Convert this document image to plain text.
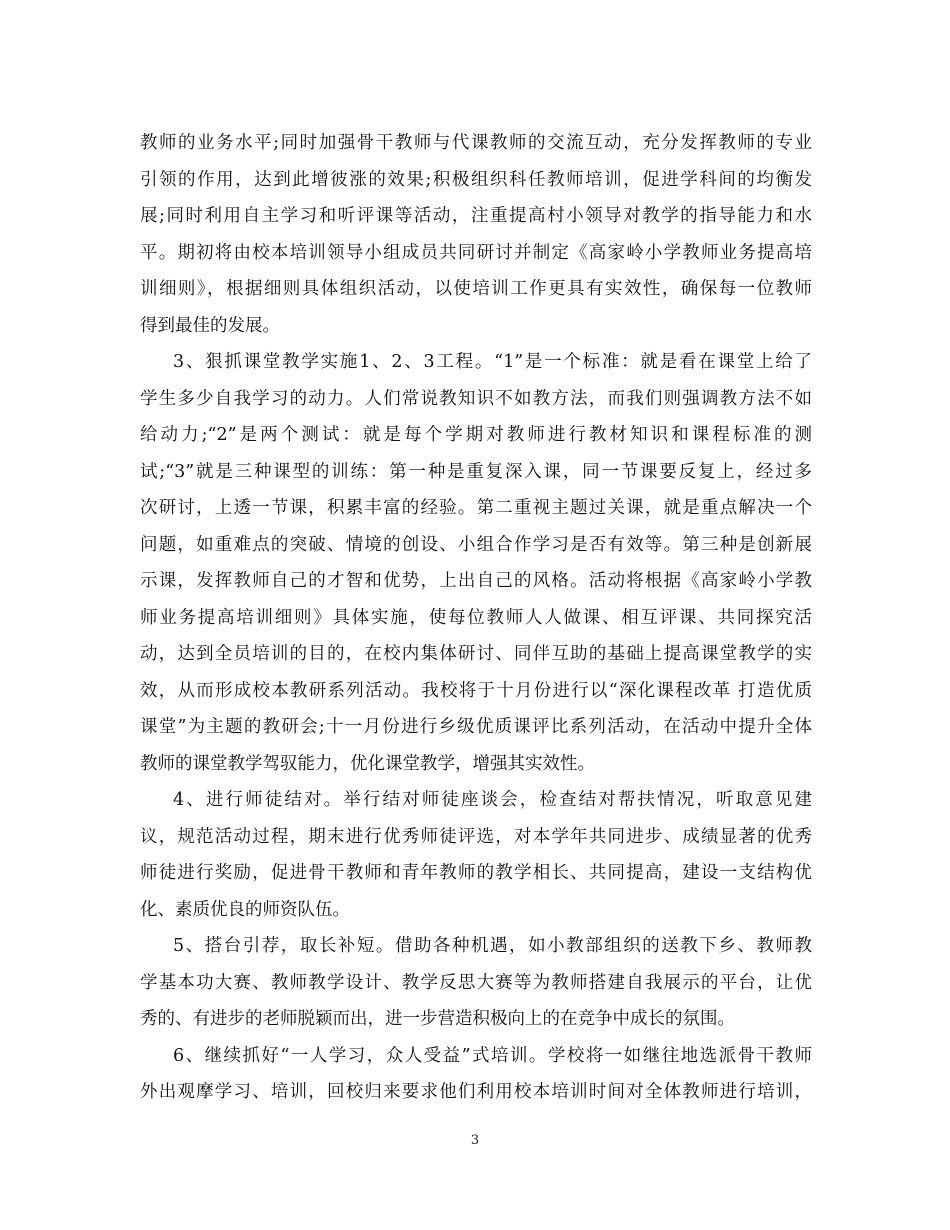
教师的业务水平;同时加强骨干教师与代课教师的交流互动，充分发挥教师的专业
引领的作用，达到此增彼涨的效果;积极组织科任教师培训，促进学科间的均衡发
展;同时利用自主学习和听评课等活动，注重提高村小领导对教学的指导能力和水
平。期初将由校本培训领导小组成员共同研讨并制定《高家岭小学教师业务提高培
训细则》，根据细则具体组织活动，以使培训工作更具有实效性，确保每一位教师
得到最佳的发展。
3、狠抓课堂教学实施1、2、3工程。“1”是一个标准：就是看在课堂上给了
学生多少自我学习的动力。人们常说教知识不如教方法，而我们则强调教方法不如
给动力;“2”是两个测试：就是每个学期对教师进行教材知识和课程标准的测
试;“3”就是三种课型的训练：第一种是重复深入课，同一节课要反复上，经过多
次研讨，上透一节课，积累丰富的经验。第二重视主题过关课，就是重点解决一个
问题，如重难点的突破、情境的创设、小组合作学习是否有效等。第三种是创新展
示课，发挥教师自己的才智和优势，上出自己的风格。活动将根据《高家岭小学教
师业务提高培训细则》具体实施，使每位教师人人做课、相互评课、共同探究活
动，达到全员培训的目的，在校内集体研讨、同伴互助的基础上提高课堂教学的实
效，从而形成校本教研系列活动。我校将于十月份进行以“深化课程改革 打造优质
课堂”为主题的教研会;十一月份进行乡级优质课评比系列活动，在活动中提升全体
教师的课堂教学驾驭能力，优化课堂教学，增强其实效性。
4、进行师徒结对。举行结对师徒座谈会，检查结对帮扶情况，听取意见建
议，规范活动过程，期末进行优秀师徒评选，对本学年共同进步、成绩显著的优秀
师徒进行奖励，促进骨干教师和青年教师的教学相长、共同提高，建设一支结构优
化、素质优良的师资队伍。
5、搭台引荐，取长补短。借助各种机遇，如小教部组织的送教下乡、教师教
学基本功大赛、教师教学设计、教学反思大赛等为教师搭建自我展示的平台，让优
秀的、有进步的老师脱颖而出，进一步营造积极向上的在竞争中成长的氛围。
6、继续抓好“一人学习，众人受益”式培训。学校将一如继往地选派骨干教师
外出观摩学习、培训，回校归来要求他们利用校本培训时间对全体教师进行培训，
3
